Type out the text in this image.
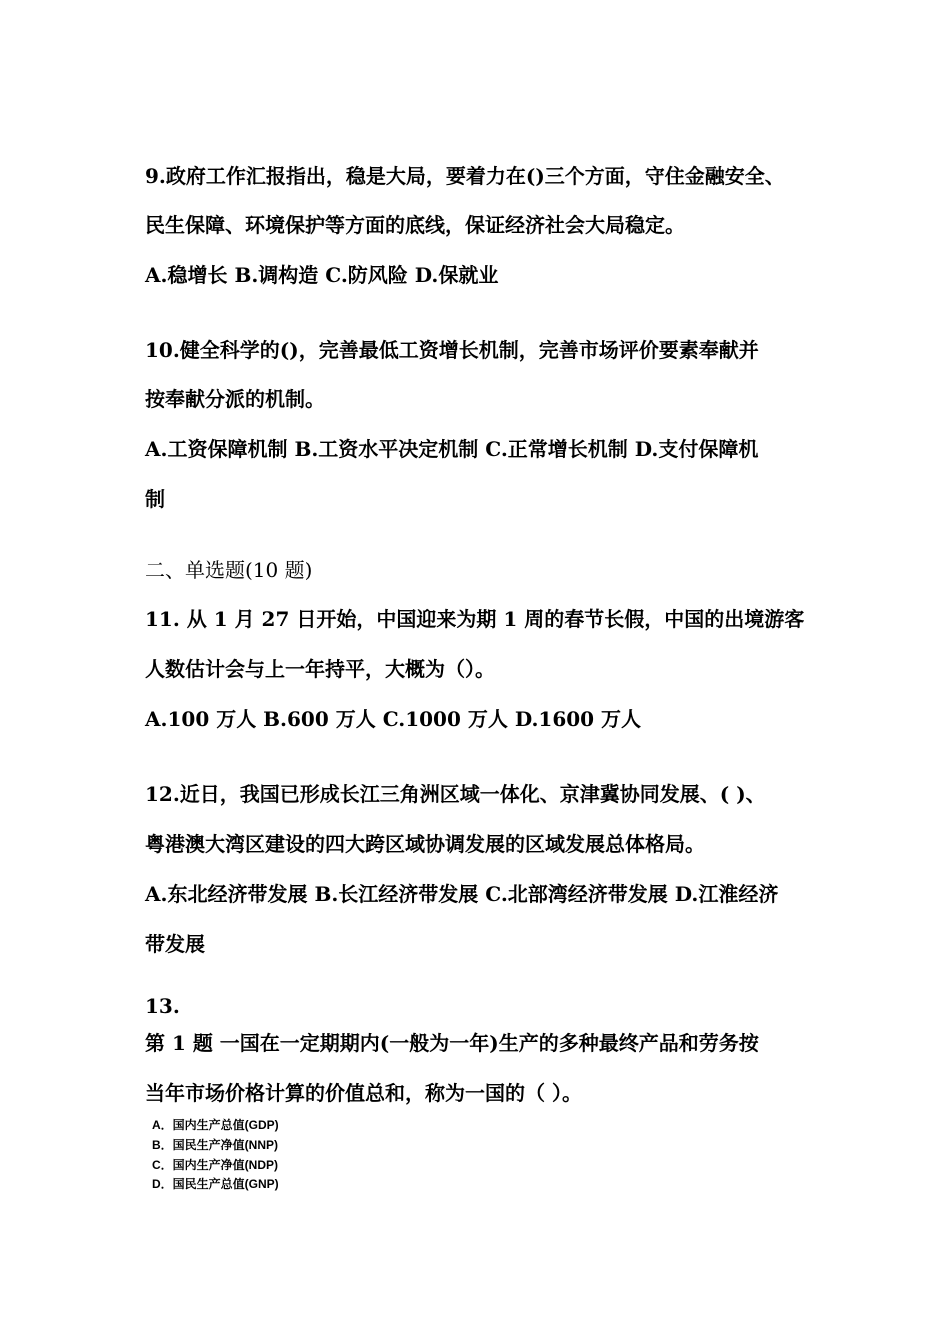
9.政府工作汇报指出，稳是大局，要着力在()三个方面，守住金融安全、
民生保障、环境保护等方面的底线，保证经济社会大局稳定。
A.稳增长 B.调构造 C.防风险 D.保就业
10.健全科学的()，完善最低工资增长机制，完善市场评价要素奉献并
按奉献分派的机制。
A.工资保障机制 B.工资水平决定机制 C.正常增长机制 D.支付保障机
制
二、单选题(10 题)
11. 从 1 月 27 日开始，中国迎来为期 1 周的春节长假，中国的出境游客
人数估计会与上一年持平，大概为（）。
A.100 万人 B.600 万人 C.1000 万人 D.1600 万人
12.近日，我国已形成长江三角洲区域一体化、京津冀协同发展、( )、
粤港澳大湾区建设的四大跨区域协调发展的区域发展总体格局。
A.东北经济带发展 B.长江经济带发展 C.北部湾经济带发展 D.江淮经济
带发展
13.
第 1 题 一国在一定期期内(一般为一年)生产的多种最终产品和劳务按
当年市场价格计算的价值总和，称为一国的（ ）。
A．国内生产总值(GDP)
B．国民生产净值(NNP)
C．国内生产净值(NDP)
D．国民生产总值(GNP)
